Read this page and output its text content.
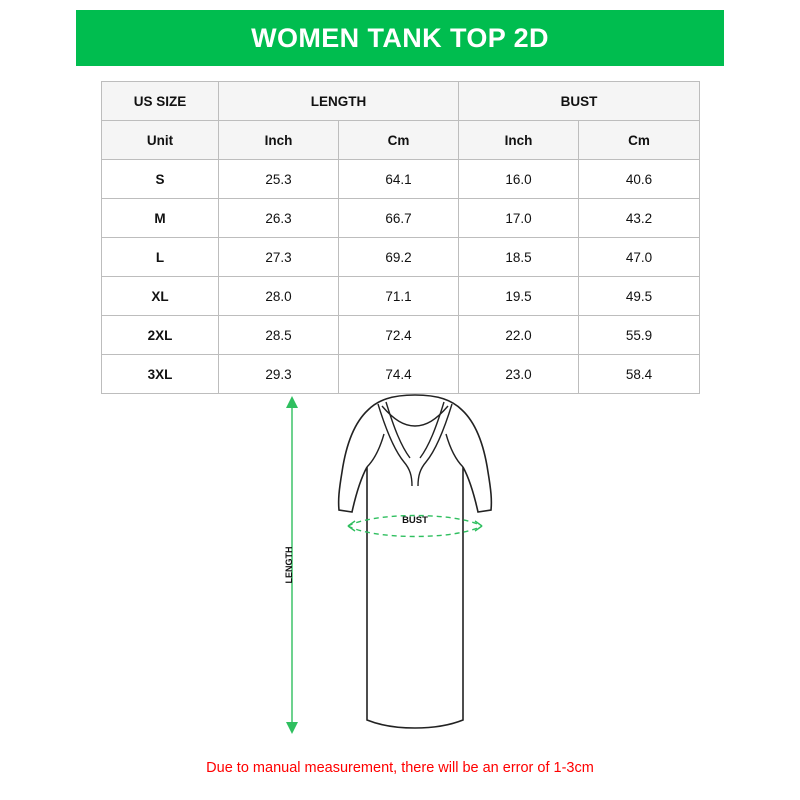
WOMEN TANK TOP 2D
US SIZE	LENGTH		BUST	
Unit	Inch	Cm	Inch	Cm
S	25.3	64.1	16.0	40.6
M	26.3	66.7	17.0	43.2
L	27.3	69.2	18.5	47.0
XL	28.0	71.1	19.5	49.5
2XL	28.5	72.4	22.0	55.9
3XL	29.3	74.4	23.0	58.4
BUST
LENGTH
Due to manual measurement, there will be an error of 1-3cm
